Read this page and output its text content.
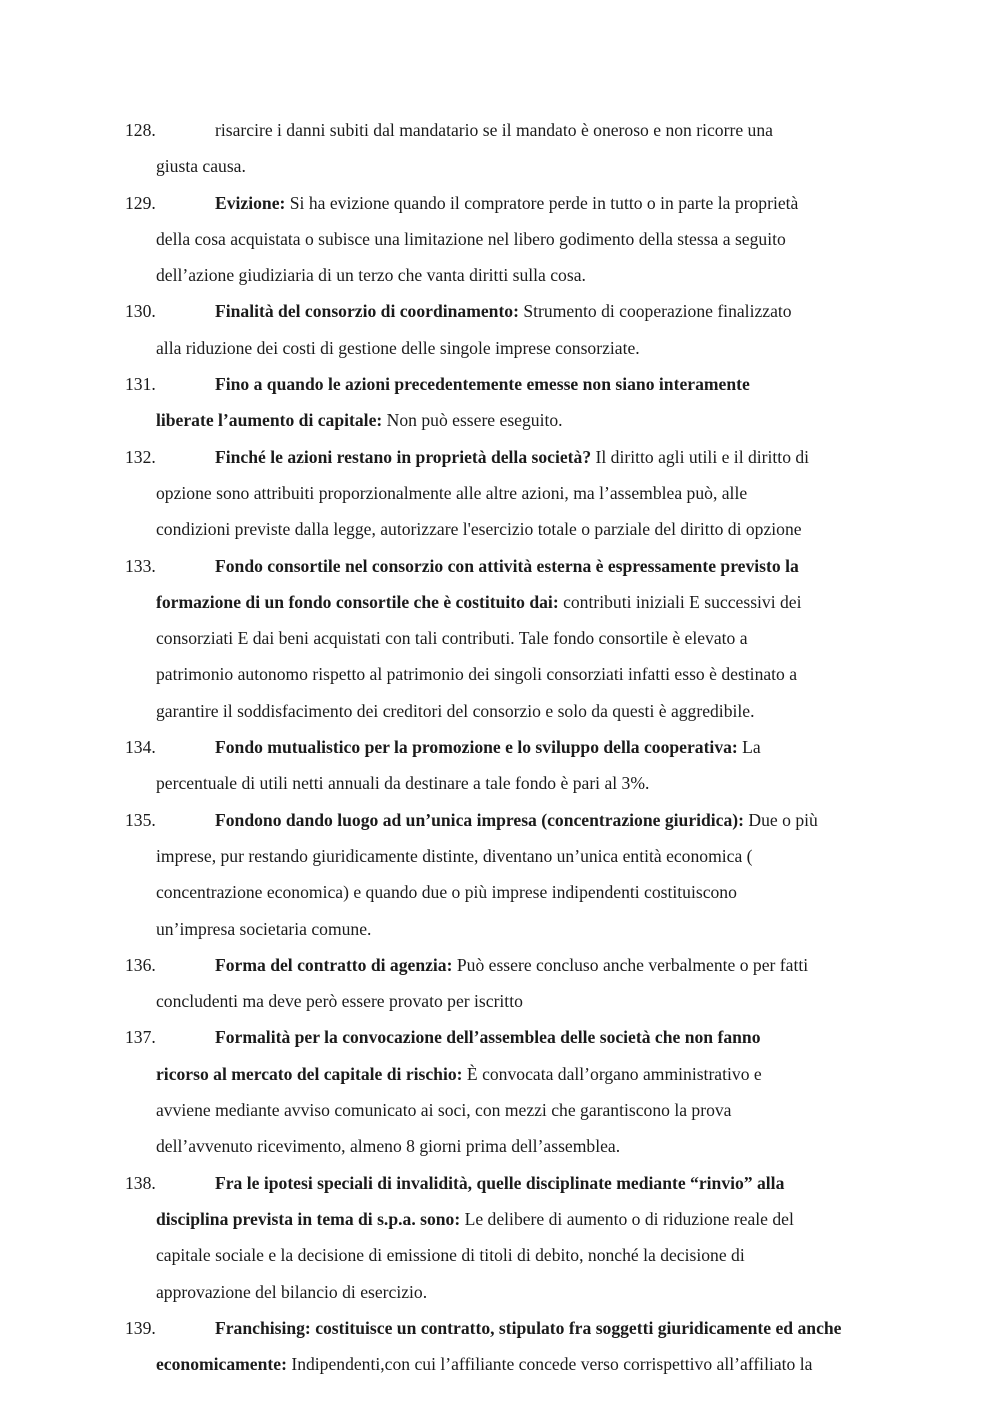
128.	risarcire i danni subiti dal mandatario se il mandato è oneroso e non ricorre una
giusta causa.
129.	Evizione: Si ha evizione quando il compratore perde in tutto o in parte la proprietà
della cosa acquistata o subisce una limitazione nel libero godimento della stessa a seguito
dell’azione giudiziaria di un terzo che vanta diritti sulla cosa.
130.	Finalità del consorzio di coordinamento: Strumento di cooperazione finalizzato
alla riduzione dei costi di gestione delle singole imprese consorziate.
131.	Fino a quando le azioni precedentemente emesse non siano interamente
liberate l’aumento di capitale: Non può essere eseguito.
132.	Finché le azioni restano in proprietà della società? Il diritto agli utili e il diritto di
opzione sono attribuiti proporzionalmente alle altre azioni, ma l’assemblea può, alle
condizioni previste dalla legge, autorizzare l'esercizio totale o parziale del diritto di opzione
133.	Fondo consortile nel consorzio con attività esterna è espressamente previsto la
formazione di un fondo consortile che è costituito dai: contributi iniziali E successivi dei
consorziati E dai beni acquistati con tali contributi. Tale fondo consortile è elevato a
patrimonio autonomo rispetto al patrimonio dei singoli consorziati infatti esso è destinato a
garantire il soddisfacimento dei creditori del consorzio e solo da questi è aggredibile.
134.	Fondo mutualistico per la promozione e lo sviluppo della cooperativa: La
percentuale di utili netti annuali da destinare a tale fondo è pari al 3%.
135.	Fondono dando luogo ad un’unica impresa (concentrazione giuridica): Due o più
imprese, pur restando giuridicamente distinte, diventano un’unica entità economica (
concentrazione economica) e quando due o più imprese indipendenti costituiscono
un’impresa societaria comune.
136.	Forma del contratto di agenzia: Può essere concluso anche verbalmente o per fatti
concludenti ma deve però essere provato per iscritto
137.	Formalità per la convocazione dell’assemblea delle società che non fanno
ricorso al mercato del capitale di rischio: È convocata dall’organo amministrativo e
avviene mediante avviso comunicato ai soci, con mezzi che garantiscono la prova
dell’avvenuto ricevimento, almeno 8 giorni prima dell’assemblea.
138.	Fra le ipotesi speciali di invalidità, quelle disciplinate mediante “rinvio” alla
disciplina prevista in tema di s.p.a. sono: Le delibere di aumento o di riduzione reale del
capitale sociale e la decisione di emissione di titoli di debito, nonché la decisione di
approvazione del bilancio di esercizio.
139.	Franchising: costituisce un contratto, stipulato fra soggetti giuridicamente ed anche
economicamente: Indipendenti,con cui l’affiliante concede verso corrispettivo all’affiliato la
